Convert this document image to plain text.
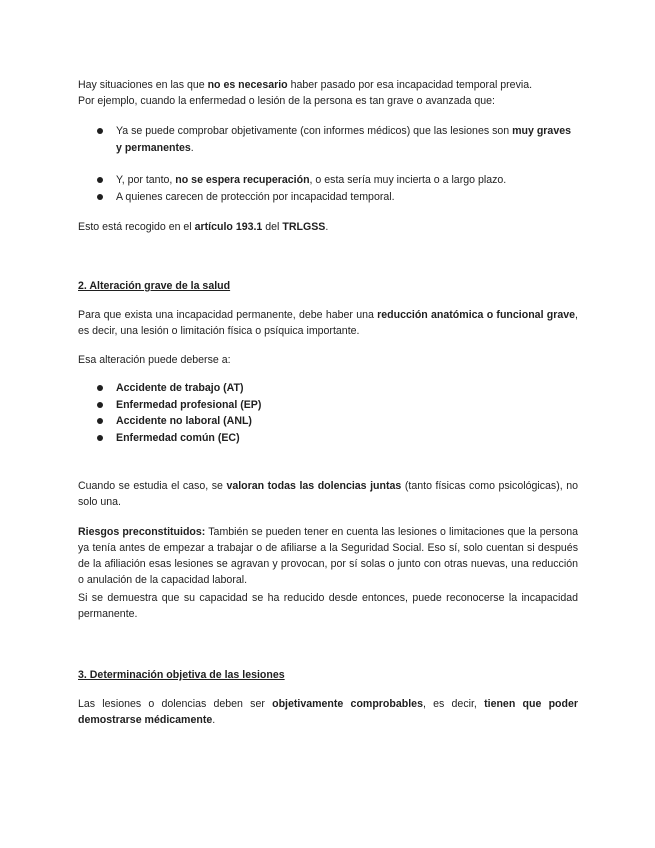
Hay situaciones en las que no es necesario haber pasado por esa incapacidad temporal previa.
Por ejemplo, cuando la enfermedad o lesión de la persona es tan grave o avanzada que:
Ya se puede comprobar objetivamente (con informes médicos) que las lesiones son muy graves y permanentes.
Y, por tanto, no se espera recuperación, o esta sería muy incierta o a largo plazo.
A quienes carecen de protección por incapacidad temporal.
Esto está recogido en el artículo 193.1 del TRLGSS.
2. Alteración grave de la salud
Para que exista una incapacidad permanente, debe haber una reducción anatómica o funcional grave, es decir, una lesión o limitación física o psíquica importante.
Esa alteración puede deberse a:
Accidente de trabajo (AT)
Enfermedad profesional (EP)
Accidente no laboral (ANL)
Enfermedad común (EC)
Cuando se estudia el caso, se valoran todas las dolencias juntas (tanto físicas como psicológicas), no solo una.
Riesgos preconstituidos: También se pueden tener en cuenta las lesiones o limitaciones que la persona ya tenía antes de empezar a trabajar o de afiliarse a la Seguridad Social. Eso sí, solo cuentan si después de la afiliación esas lesiones se agravan y provocan, por sí solas o junto con otras nuevas, una reducción o anulación de la capacidad laboral.
Si se demuestra que su capacidad se ha reducido desde entonces, puede reconocerse la incapacidad permanente.
3. Determinación objetiva de las lesiones
Las lesiones o dolencias deben ser objetivamente comprobables, es decir, tienen que poder demostrarse médicamente.
